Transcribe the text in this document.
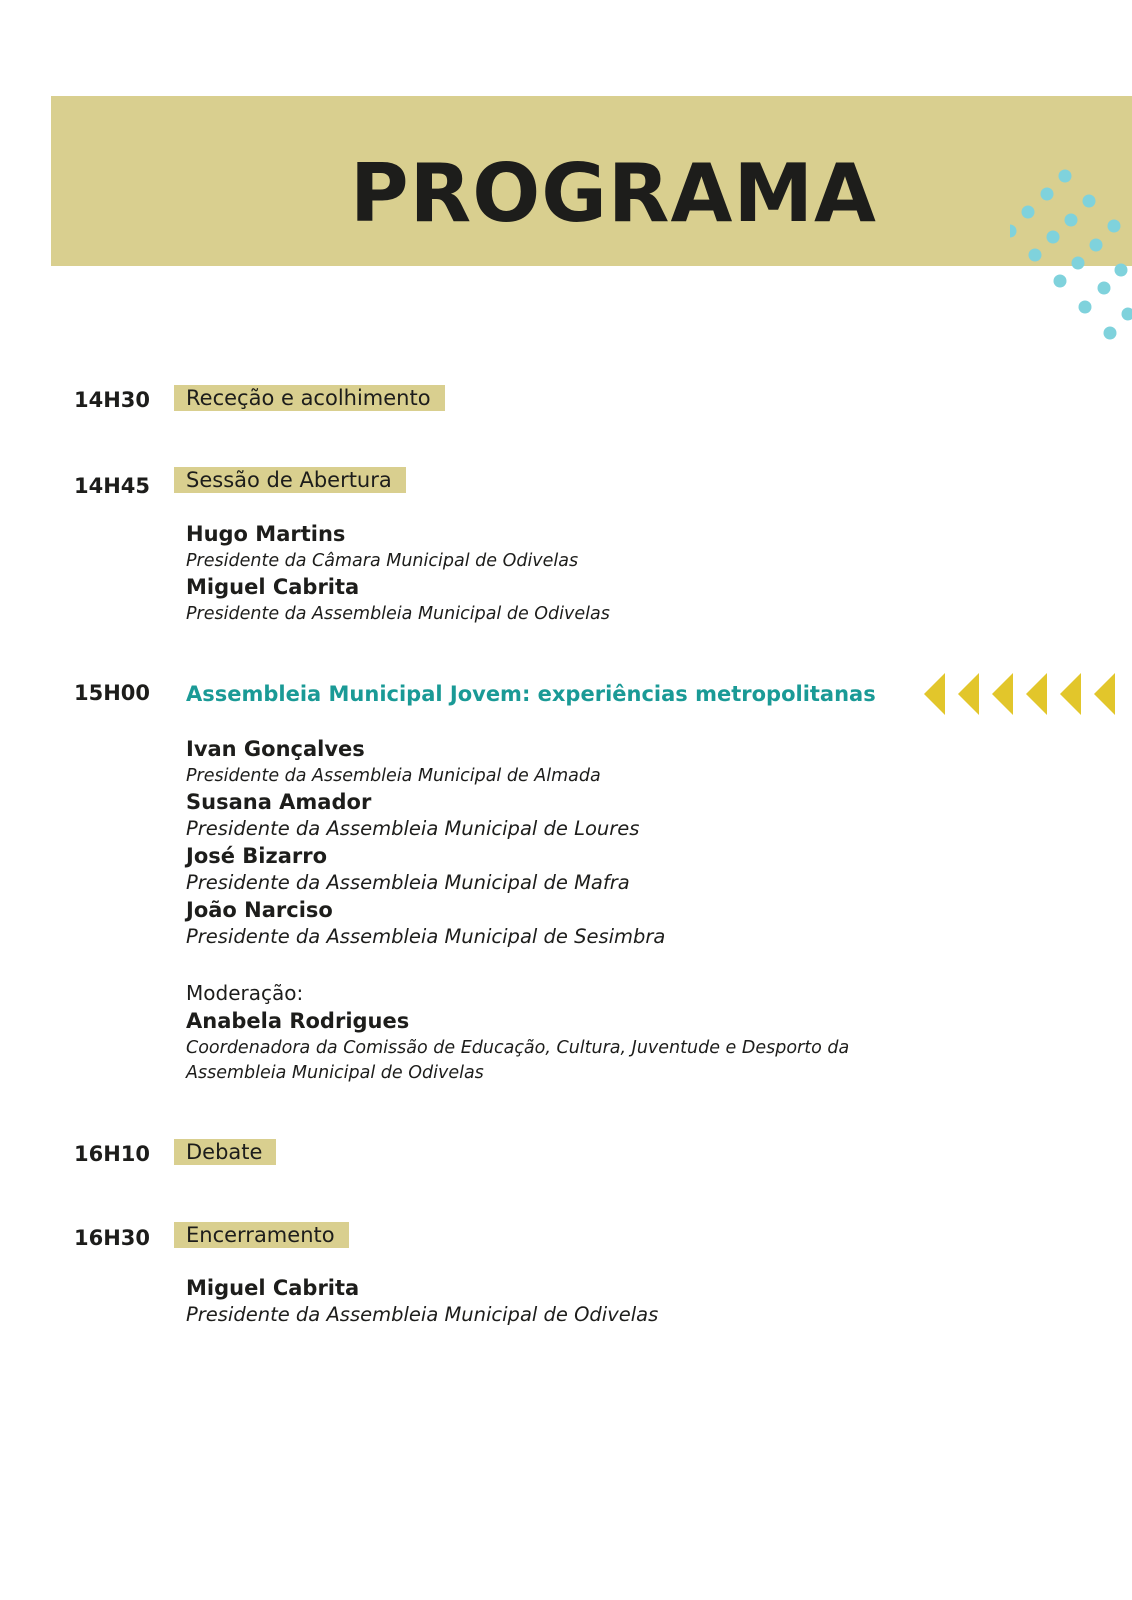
PROGRAMA
14H30	Receção e acolhimento
14H45	Sessão de Abertura
Hugo Martins
Presidente da Câmara Municipal de Odivelas
Miguel Cabrita
Presidente da Assembleia Municipal de Odivelas
15H00 Assembleia Municipal Jovem: experiências metropolitanas
Ivan Gonçalves
Presidente da Assembleia Municipal de Almada
Susana Amador
Presidente da Assembleia Municipal de Loures
José Bizarro
Presidente da Assembleia Municipal de Mafra
João Narciso
Presidente da Assembleia Municipal de Sesimbra
Moderação:
Anabela Rodrigues
Coordenadora da Comissão de Educação, Cultura, Juventude e Desporto da
Assembleia Municipal de Odivelas
16H10	Debate
16H30	Encerramento
Miguel Cabrita
Presidente da Assembleia Municipal de Odivelas
